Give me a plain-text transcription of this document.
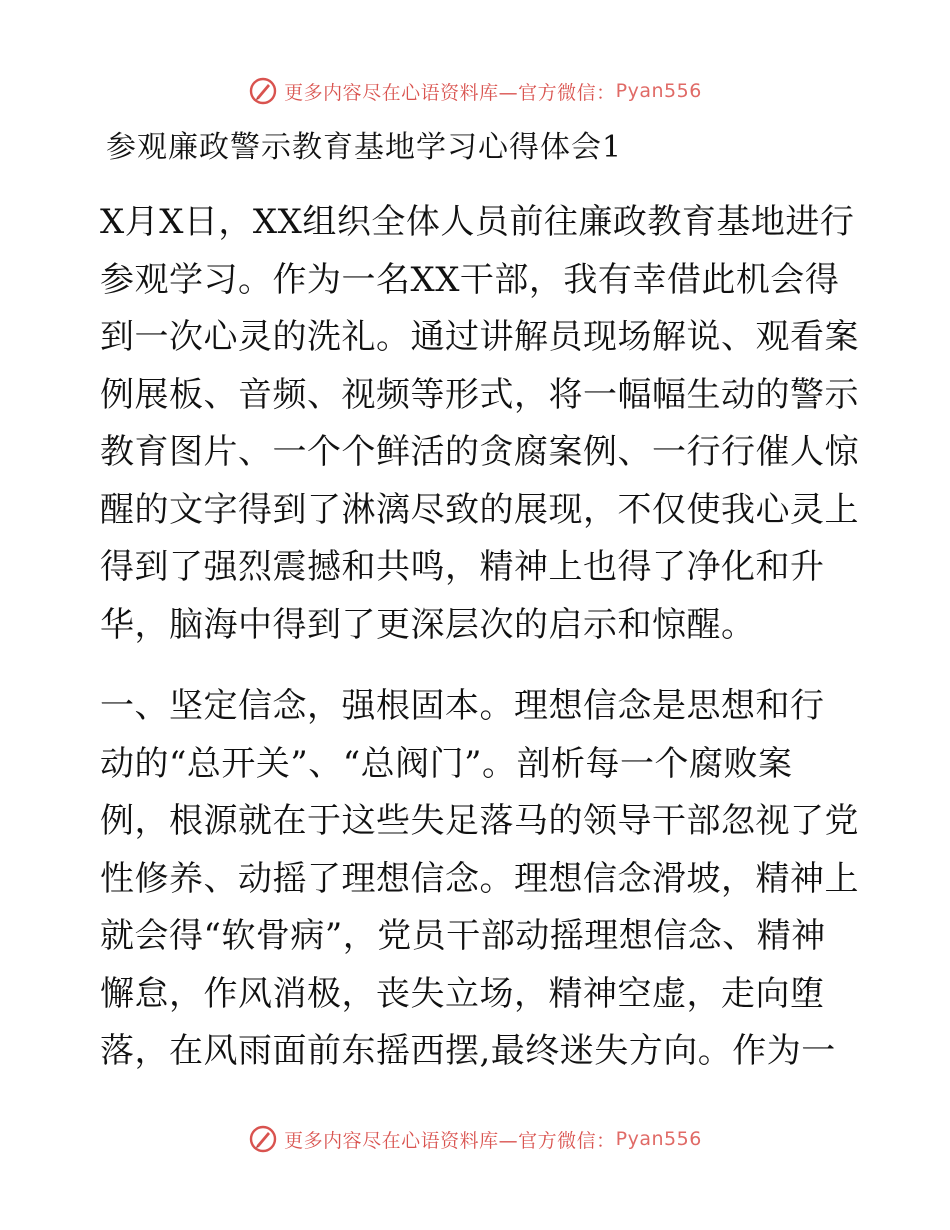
更多内容尽在心语资料库—官方微信： Pyan556
参观廉政警示教育基地学习心得体会1

X月X日，XX组织全体人员前往廉政教育基地进行
参观学习。作为一名XX干部，我有幸借此机会得
到一次心灵的洗礼。通过讲解员现场解说、观看案
例展板、音频、视频等形式，将一幅幅生动的警示
教育图片、一个个鲜活的贪腐案例、一行行催人惊
醒的文字得到了淋漓尽致的展现，不仅使我心灵上
得到了强烈震撼和共鸣，精神上也得了净化和升
华，脑海中得到了更深层次的启示和惊醒。

一、坚定信念，强根固本。理想信念是思想和行
动的“总开关”、“总阀门”。剖析每一个腐败案
例，根源就在于这些失足落马的领导干部忽视了党
性修养、动摇了理想信念。理想信念滑坡，精神上
就会得“软骨病”，党员干部动摇理想信念、精神
懈怠，作风消极，丧失立场，精神空虚，走向堕
落，在风雨面前东摇西摆,最终迷失方向。作为一

更多内容尽在心语资料库—官方微信： Pyan556
